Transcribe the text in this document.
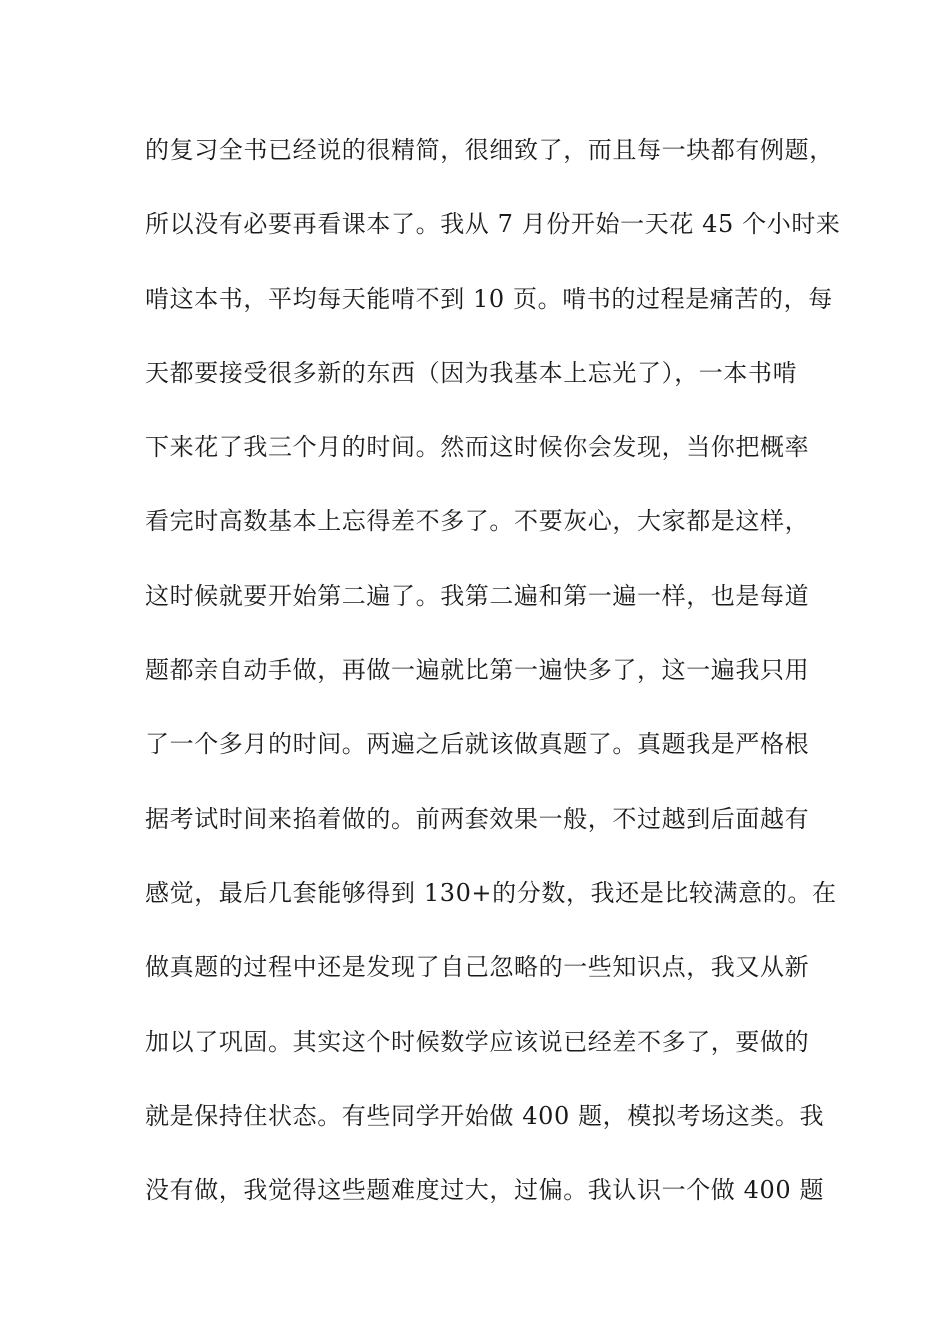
的复习全书已经说的很精简，很细致了，而且每一块都有例题，
所以没有必要再看课本了。我从 7 月份开始一天花 45 个小时来
啃这本书，平均每天能啃不到 10 页。啃书的过程是痛苦的，每
天都要接受很多新的东西（因为我基本上忘光了），一本书啃
下来花了我三个月的时间。然而这时候你会发现，当你把概率
看完时高数基本上忘得差不多了。不要灰心，大家都是这样，
这时候就要开始第二遍了。我第二遍和第一遍一样，也是每道
题都亲自动手做，再做一遍就比第一遍快多了，这一遍我只用
了一个多月的时间。两遍之后就该做真题了。真题我是严格根
据考试时间来掐着做的。前两套效果一般，不过越到后面越有
感觉，最后几套能够得到 130+的分数，我还是比较满意的。在
做真题的过程中还是发现了自己忽略的一些知识点，我又从新
加以了巩固。其实这个时候数学应该说已经差不多了，要做的
就是保持住状态。有些同学开始做 400 题，模拟考场这类。我
没有做，我觉得这些题难度过大，过偏。我认识一个做 400 题
